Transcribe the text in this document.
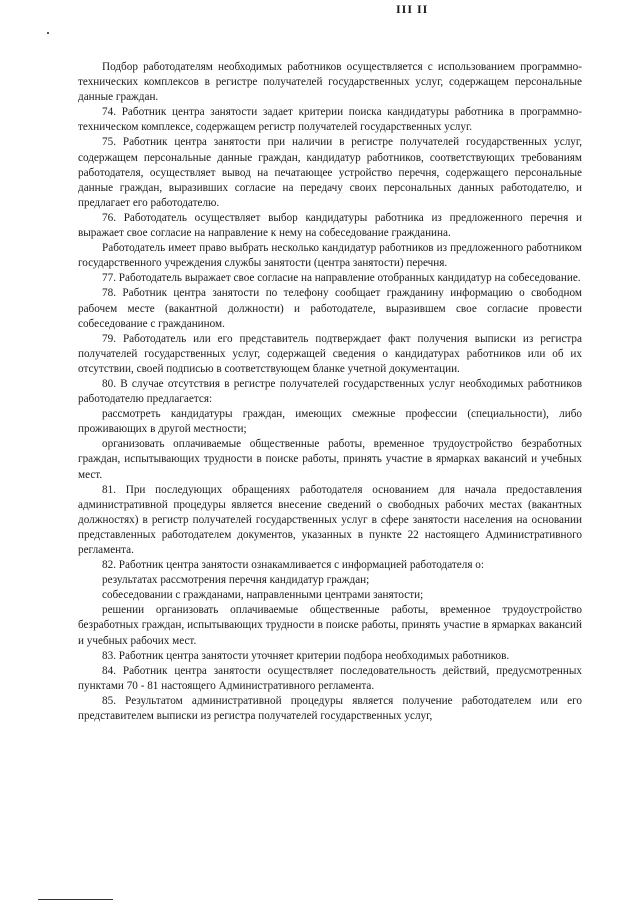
III II

Подбор работодателям необходимых работников осуществляется с использованием программно-технических комплексов в регистре получателей государственных услуг, содержащем персональные данные граждан.

74. Работник центра занятости задает критерии поиска кандидатуры работника в программно-техническом комплексе, содержащем регистр получателей государственных услуг.

75. Работник центра занятости при наличии в регистре получателей государственных услуг, содержащем персональные данные граждан, кандидатур работников, соответствующих требованиям работодателя, осуществляет вывод на печатающее устройство перечня, содержащего персональные данные граждан, выразивших согласие на передачу своих персональных данных работодателю, и предлагает его работодателю.

76. Работодатель осуществляет выбор кандидатуры работника из предложенного перечня и выражает свое согласие на направление к нему на собеседование гражданина.

Работодатель имеет право выбрать несколько кандидатур работников из предложенного работником государственного учреждения службы занятости (центра занятости) перечня.

77. Работодатель выражает свое согласие на направление отобранных кандидатур на собеседование.

78. Работник центра занятости по телефону сообщает гражданину информацию о свободном рабочем месте (вакантной должности) и работодателе, выразившем свое согласие провести собеседование с гражданином.

79. Работодатель или его представитель подтверждает факт получения выписки из регистра получателей государственных услуг, содержащей сведения о кандидатурах работников или об их отсутствии, своей подписью в соответствующем бланке учетной документации.

80. В случае отсутствия в регистре получателей государственных услуг необходимых работников работодателю предлагается:

рассмотреть кандидатуры граждан, имеющих смежные профессии (специальности), либо проживающих в другой местности;

организовать оплачиваемые общественные работы, временное трудоустройство безработных граждан, испытывающих трудности в поиске работы, принять участие в ярмарках вакансий и учебных мест.

81. При последующих обращениях работодателя основанием для начала предоставления административной процедуры является внесение сведений о свободных рабочих местах (вакантных должностях) в регистр получателей государственных услуг в сфере занятости населения на основании представленных работодателем документов, указанных в пункте 22 настоящего Административного регламента.

82. Работник центра занятости ознакамливается с информацией работодателя о:

результатах рассмотрения перечня кандидатур граждан;

собеседовании с гражданами, направленными центрами занятости;

решении организовать оплачиваемые общественные работы, временное трудоустройство безработных граждан, испытывающих трудности в поиске работы, принять участие в ярмарках вакансий и учебных рабочих мест.

83. Работник центра занятости уточняет критерии подбора необходимых работников.

84. Работник центра занятости осуществляет последовательность действий, предусмотренных пунктами 70 - 81 настоящего Административного регламента.

85. Результатом административной процедуры является получение работодателем или его представителем выписки из регистра получателей государственных услуг,
